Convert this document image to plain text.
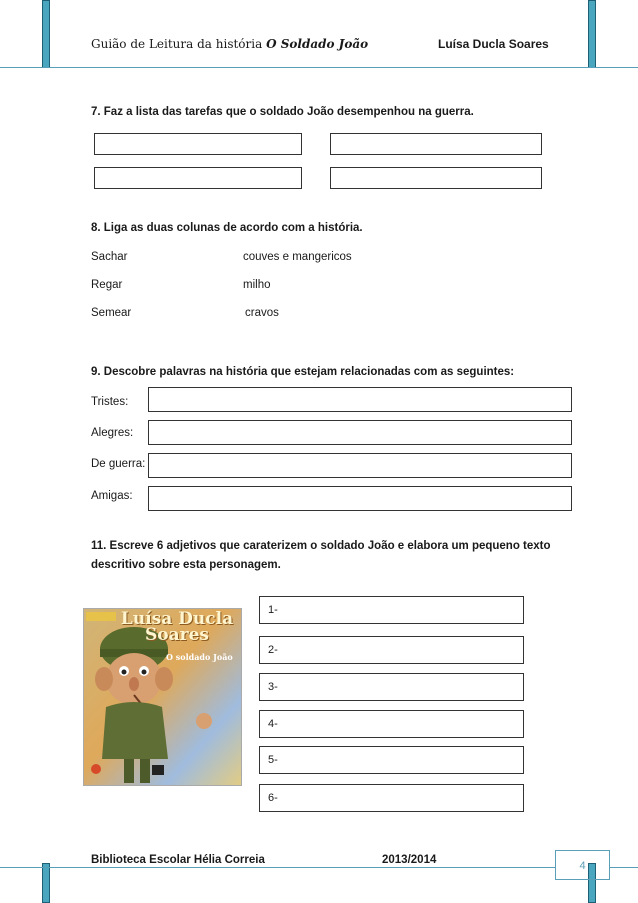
Guião de Leitura da história O Soldado João	Luísa Ducla Soares
7. Faz a lista das tarefas que o soldado João desempenhou na guerra.
8. Liga as duas colunas de acordo com a história.
Sachar	couves e mangericos
Regar	milho
Semear	cravos
9. Descobre palavras na história que estejam relacionadas com as seguintes:
Tristes:
Alegres:
De guerra:
Amigas:
11. Escreve 6 adjetivos que caraterizem o soldado João e elabora um pequeno texto
descritivo sobre esta personagem.
Luísa Ducla Soares
O soldado João
1-
2-
3-
4-
5-
6-
Biblioteca Escolar Hélia Correia	2013/2014	4
